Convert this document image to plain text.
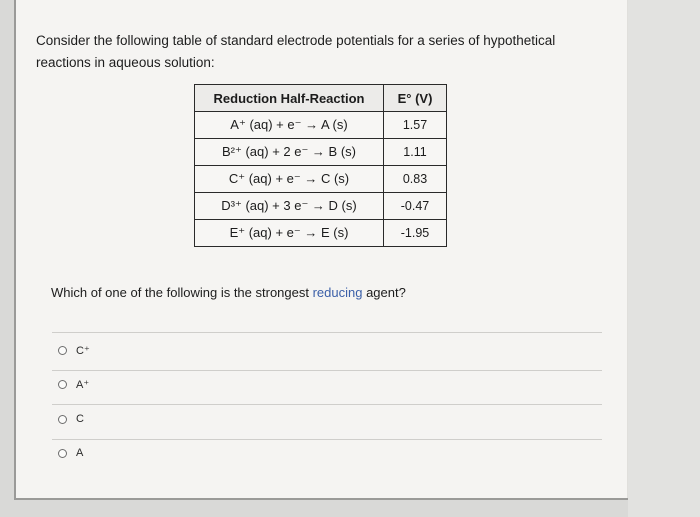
Consider the following table of standard electrode potentials for a series of hypothetical
reactions in aqueous solution:
Reduction Half-Reaction	E° (V)
A⁺ (aq) + e⁻ → A (s)	1.57
B²⁺ (aq) + 2 e⁻ → B (s)	1.11
C⁺ (aq) + e⁻ → C (s)	0.83
D³⁺ (aq) + 3 e⁻ → D (s)	-0.47
E⁺ (aq) + e⁻ → E (s)	-1.95
Which of one of the following is the strongest reducing agent?
C⁺
A⁺
C
A
